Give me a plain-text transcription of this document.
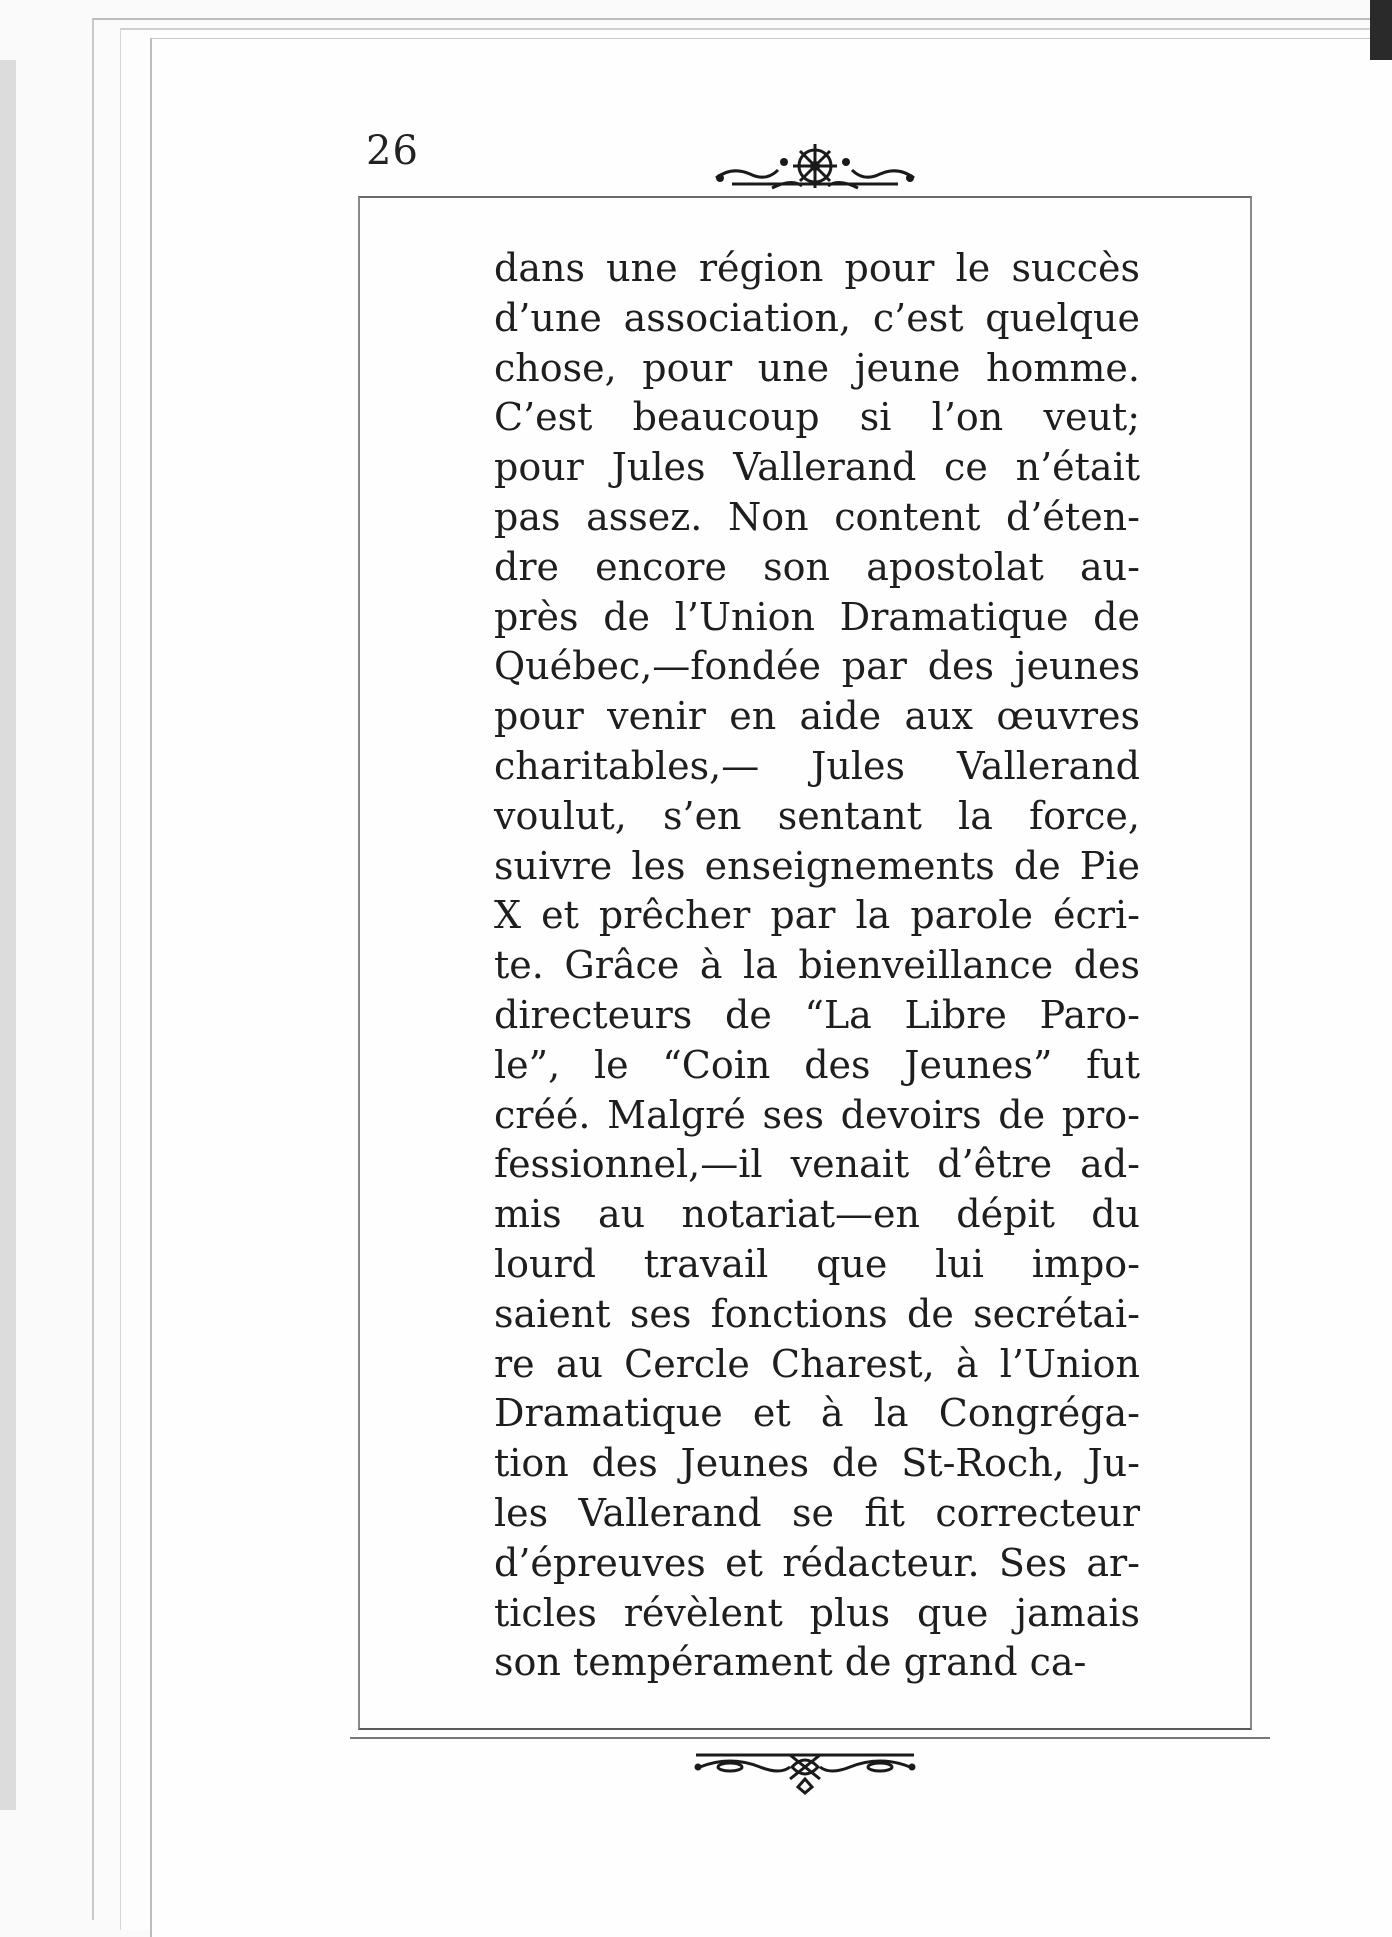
26
dans une région pour le succès
d’une association, c’est quelque
chose, pour une jeune homme.
C’est beaucoup si l’on veut;
pour Jules Vallerand ce n’était
pas assez. Non content d’éten-
dre encore son apostolat au-
près de l’Union Dramatique de
Québec,—fondée par des jeunes
pour venir en aide aux œuvres
charitables,— Jules Vallerand
voulut, s’en sentant la force,
suivre les enseignements de Pie
X et prêcher par la parole écri-
te. Grâce à la bienveillance des
directeurs de “La Libre Paro-
le”, le “Coin des Jeunes” fut
créé. Malgré ses devoirs de pro-
fessionnel,—il venait d’être ad-
mis au notariat—en dépit du
lourd travail que lui impo-
saient ses fonctions de secrétai-
re au Cercle Charest, à l’Union
Dramatique et à la Congréga-
tion des Jeunes de St-Roch, Ju-
les Vallerand se fit correcteur
d’épreuves et rédacteur. Ses ar-
ticles révèlent plus que jamais
son tempérament de grand ca-
